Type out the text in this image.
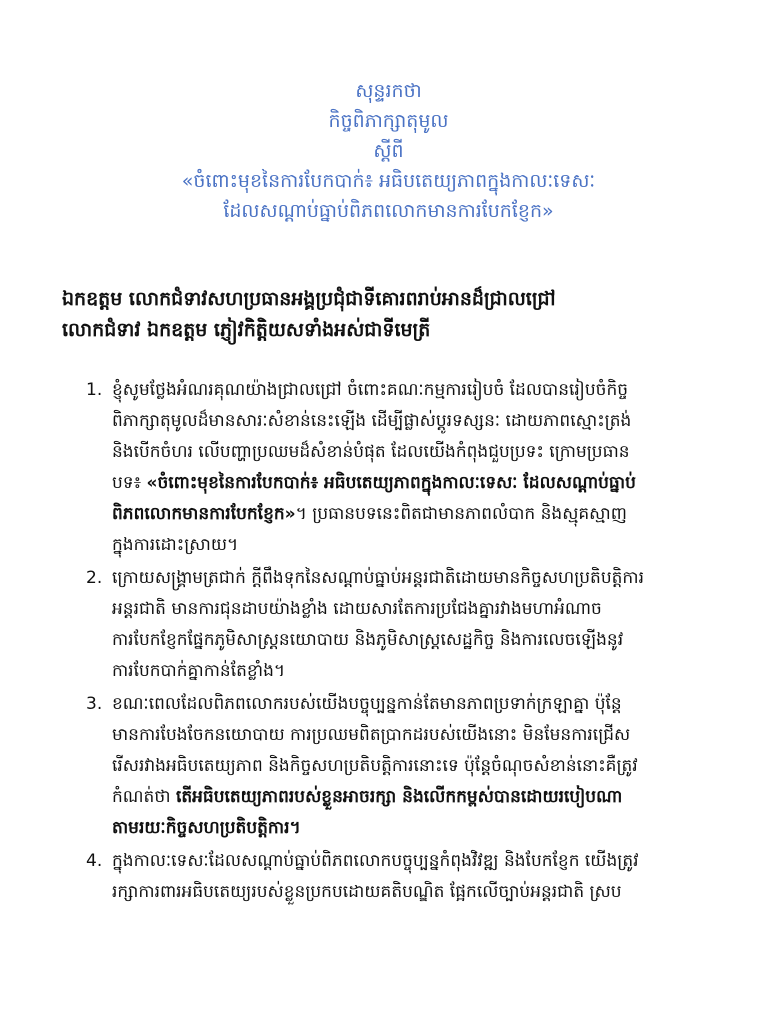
សុន្ទរកថា
កិច្ចពិភាក្សាតុមូល
ស្តីពី
«ចំពោះមុខនៃការបែកបាក់៖ អធិបតេយ្យភាពក្នុងកាលៈទេសៈ
ដែលសណ្តាប់ធ្នាប់ពិភពលោកមានការបែកខ្ញែក»
ឯកឧត្តម លោកជំទាវសហប្រធានអង្គប្រជុំជាទីគោរពរាប់អានដ៏ជ្រាលជ្រៅ
លោកជំទាវ ឯកឧត្តម ភ្ញៀវកិត្តិយសទាំងអស់ជាទីមេត្រី
1. ខ្ញុំសូមថ្លែងអំណរគុណយ៉ាងជ្រាលជ្រៅ ចំពោះគណៈកម្មការរៀបចំ ដែលបានរៀបចំកិច្ច
ពិភាក្សាតុមូលដ៏មានសារៈសំខាន់នេះឡើង ដើម្បីផ្លាស់ប្តូរទស្សនៈ ដោយភាពស្មោះត្រង់
និងបើកចំហរ លើបញ្ហាប្រឈមដ៏សំខាន់បំផុត ដែលយើងកំពុងជួបប្រទះ ក្រោមប្រធាន
បទ៖ «ចំពោះមុខនៃការបែកបាក់៖ អធិបតេយ្យភាពក្នុងកាលៈទេសៈ ដែលសណ្តាប់ធ្នាប់
ពិភពលោកមានការបែកខ្ញែក»។ ប្រធានបទនេះពិតជាមានភាពលំបាក និងស្មុគស្មាញ
ក្នុងការដោះស្រាយ។
2. ក្រោយសង្គ្រាមត្រជាក់ ក្តីពឹងទុកនៃសណ្តាប់ធ្នាប់អន្តរជាតិដោយមានកិច្ចសហប្រតិបត្តិការ
អន្តរជាតិ មានការជុនដាបយ៉ាងខ្លាំង ដោយសារតែការប្រជែងគ្នារវាងមហាអំណាច
ការបែកខ្ញែកផ្នែកភូមិសាស្ត្រនយោបាយ និងភូមិសាស្ត្រសេដ្ឋកិច្ច និងការលេចឡើងនូវ
ការបែកបាក់គ្នាកាន់តែខ្លាំង។
3. ខណៈពេលដែលពិភពលោករបស់យើងបច្ចុប្បន្នកាន់តែមានភាពប្រទាក់ក្រឡាគ្នា ប៉ុន្តែ
មានការបែងចែកនយោបាយ ការប្រឈមពិតប្រាកដរបស់យើងនោះ មិនមែនការជ្រើស
រើសរវាងអធិបតេយ្យភាព និងកិច្ចសហប្រតិបត្តិការនោះទេ ប៉ុន្តែចំណុចសំខាន់នោះគឺត្រូវ
កំណត់ថា តើអធិបតេយ្យភាពរបស់ខ្លួនអាចរក្សា និងលើកកម្ពស់បានដោយរបៀបណា
តាមរយៈកិច្ចសហប្រតិបត្តិការ។
4. ក្នុងកាលៈទេសៈដែលសណ្តាប់ធ្នាប់ពិភពលោកបច្ចុប្បន្នកំពុងវិវឌ្ឍ និងបែកខ្ញែក យើងត្រូវ
រក្សាការពារអធិបតេយ្យរបស់ខ្លួនប្រកបដោយគតិបណ្ឌិត ផ្អែកលើច្បាប់អន្តរជាតិ ស្រប
